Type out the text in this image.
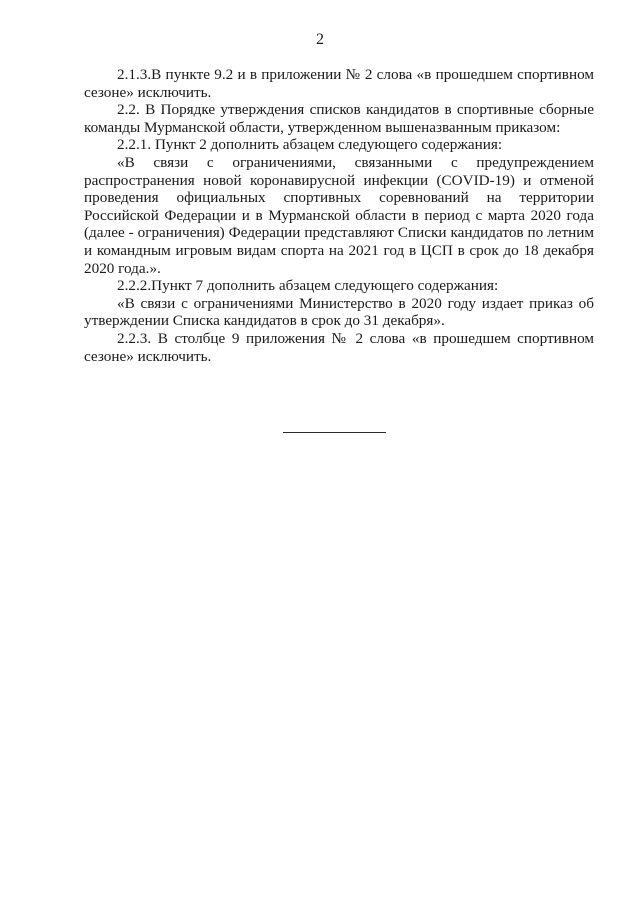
2

2.1.3.В пункте 9.2 и в приложении № 2 слова «в прошедшем спортивном сезоне» исключить.

2.2. В Порядке утверждения списков кандидатов в спортивные сборные команды Мурманской области, утвержденном вышеназванным приказом:

2.2.1. Пункт 2 дополнить абзацем следующего содержания:

«В связи с ограничениями, связанными с предупреждением распространения новой коронавирусной инфекции (COVID-19) и отменой проведения официальных спортивных соревнований на территории Российской Федерации и в Мурманской области в период с марта 2020 года (далее - ограничения) Федерации представляют Списки кандидатов по летним и командным игровым видам спорта на 2021 год в ЦСП в срок до 18 декабря 2020 года.».

2.2.2.Пункт 7 дополнить абзацем следующего содержания:

«В связи с ограничениями Министерство в 2020 году издает приказ об утверждении Списка кандидатов в срок до 31 декабря».

2.2.3. В столбце 9 приложения № 2 слова «в прошедшем спортивном сезоне» исключить.
